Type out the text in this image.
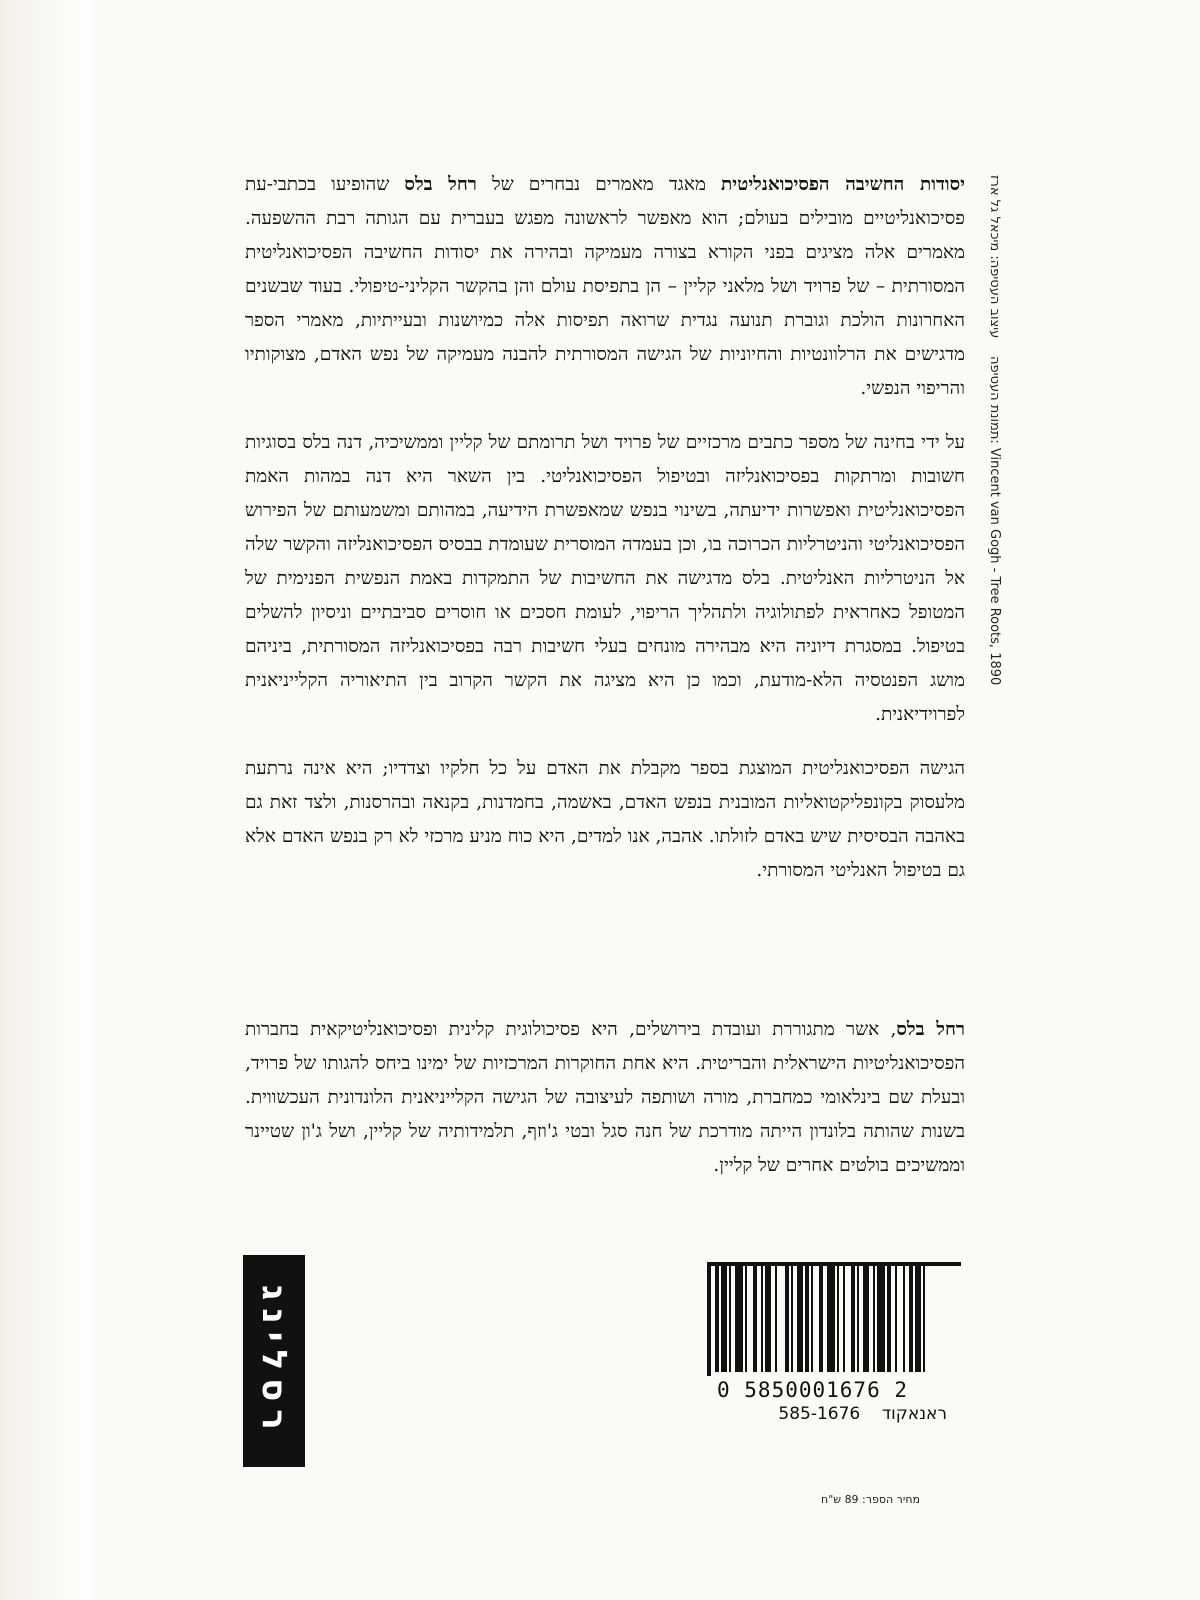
יסודות החשיבה הפסיכואנליטית מאגד מאמרים נבחרים של רחל בלס שהופיעו בכתבי-עת פסיכואנליטיים מובילים בעולם; הוא מאפשר לראשונה מפגש בעברית עם הגותה רבת ההשפעה. מאמרים אלה מציגים בפני הקורא בצורה מעמיקה ובהירה את יסודות החשיבה הפסיכואנליטית המסורתית – של פרויד ושל מלאני קליין – הן בתפיסת עולם והן בהקשר הקליני-טיפולי. בעוד שבשנים האחרונות הולכת וגוברת תנועה נגדית שרואה תפיסות אלה כמיושנות ובעייתיות, מאמרי הספר מדגישים את הרלוונטיות והחיוניות של הגישה המסורתית להבנה מעמיקה של נפש האדם, מצוקותיו והריפוי הנפשי.

על ידי בחינה של מספר כתבים מרכזיים של פרויד ושל תרומתם של קליין וממשיכיה, דנה בלס בסוגיות חשובות ומרתקות בפסיכואנליזה ובטיפול הפסיכואנליטי. בין השאר היא דנה במהות האמת הפסיכואנליטית ואפשרות ידיעתה, בשינוי בנפש שמאפשרת הידיעה, במהותם ומשמעותם של הפירוש הפסיכואנליטי והניטרליות הכרוכה בו, וכן בעמדה המוסרית שעומדת בבסיס הפסיכואנליזה והקשר שלה אל הניטרליות האנליטית. בלס מדגישה את החשיבות של התמקדות באמת הנפשית הפנימית של המטופל כאחראית לפתולוגיה ולתהליך הריפוי, לעומת חסכים או חוסרים סביבתיים וניסיון להשלים בטיפול. במסגרת דיוניה היא מבהירה מונחים בעלי חשיבות רבה בפסיכואנליזה המסורתית, ביניהם מושג הפנטסיה הלא-מודעת, וכמו כן היא מציגה את הקשר הקרוב בין התיאוריה הקלייניאנית לפרוידיאנית.

הגישה הפסיכואנליטית המוצגת בספר מקבלת את האדם על כל חלקיו וצדדיו; היא אינה נרתעת מלעסוק בקונפליקטואליות המובנית בנפש האדם, באשמה, בחמדנות, בקנאה ובהרסנות, ולצד זאת גם באהבה הבסיסית שיש באדם לזולתו. אהבה, אנו למדים, היא כוח מניע מרכזי לא רק בנפש האדם אלא גם בטיפול האנליטי המסורתי.

רחל בלס, אשר מתגוררת ועובדת בירושלים, היא פסיכולוגית קלינית ופסיכואנליטיקאית בחברות הפסיכואנליטיות הישראלית והבריטית. היא אחת החוקרות המרכזיות של ימינו ביחס להגותו של פרויד, ובעלת שם בינלאומי כמחברת, מורה ושותפה לעיצובה של הגישה הקלייניאנית הלונדונית העכשווית. בשנות שהותה בלונדון הייתה מודרכת של חנה סגל ובטי ג'וזף, תלמידותיה של קליין, ושל ג'ון שטיינר וממשיכים בולטים אחרים של קליין.

עיצוב העטיפה: מיכאל גל ארז תמונת העטיפה: Vincent van Gogh - Tree Roots, 1890
רסלינג	0 5850001676 2
ראנאקוד    585-1676
מחיר הספר: 89 ש"ח
